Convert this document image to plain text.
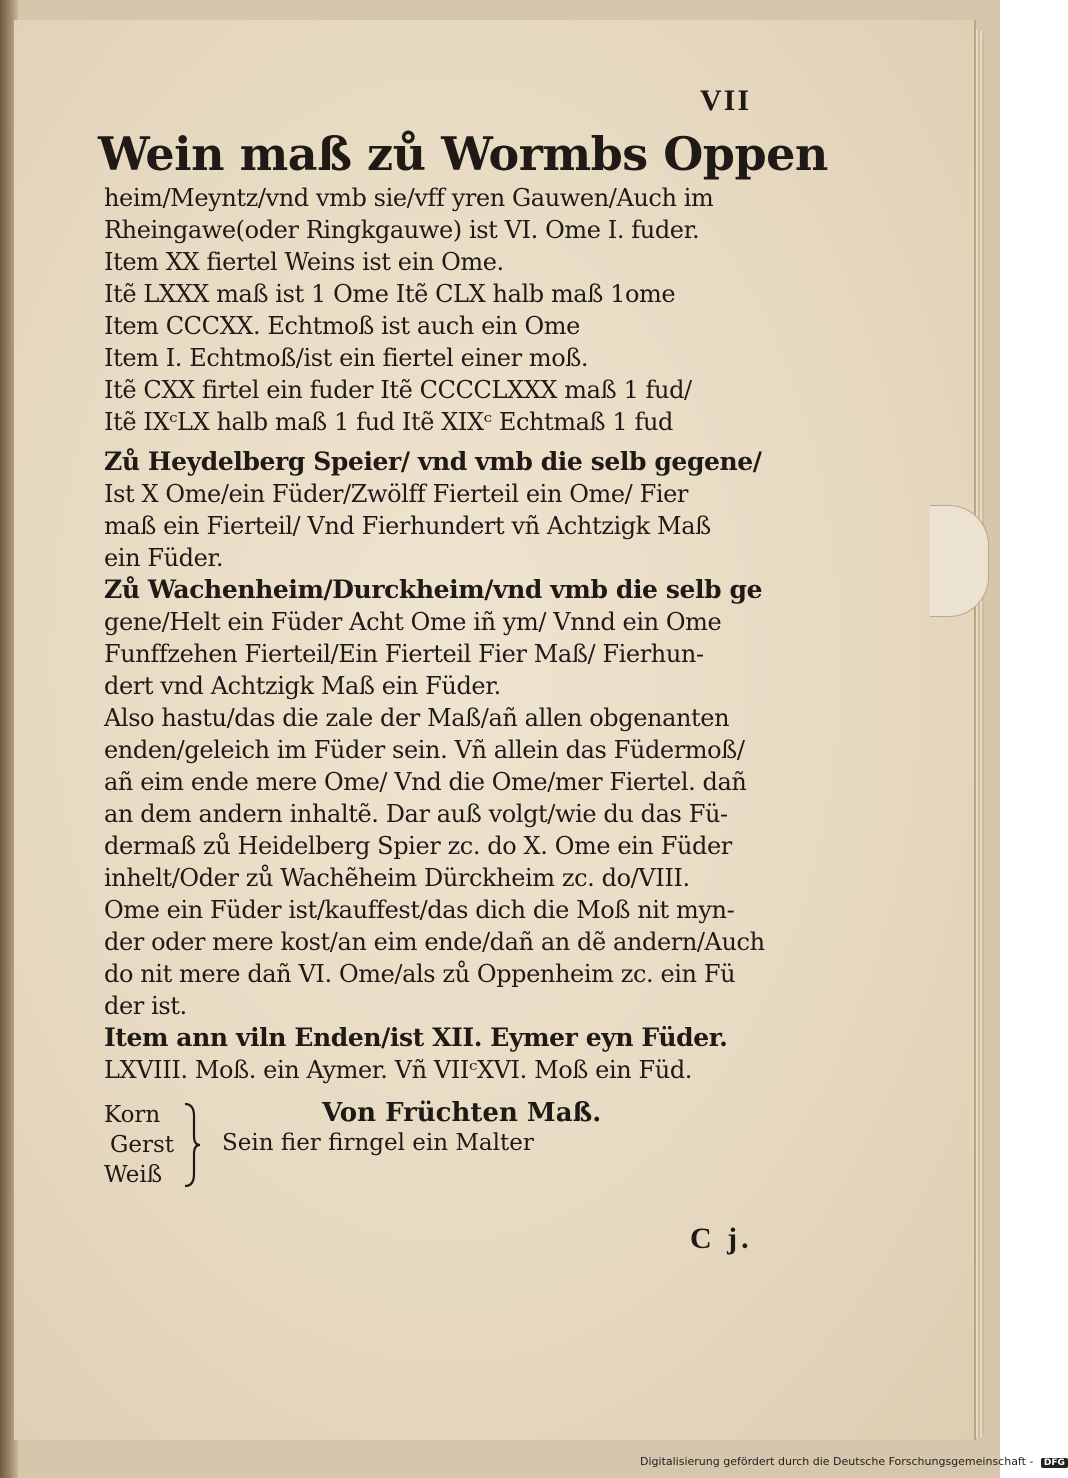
VII
Wein maß zů Wormbs Oppen
heim/Meyntz/vnd vmb sie/vff yren Gauwen/Auch im
Rheingawe(oder Ringkgauwe) ist VI. Ome I. fuder.
Item XX fiertel Weins ist ein Ome.
Itẽ LXXX maß ist 1 Ome Itẽ CLX halb maß 1ome
Item CCCXX. Echtmoß ist auch ein Ome
Item I. Echtmoß/ist ein fiertel einer moß.
Itẽ CXX firtel ein fuder Itẽ CCCCLXXX maß 1 fud/
Itẽ IXᶜLX halb maß 1 fud Itẽ XIXᶜ Echtmaß 1 fud
Zů Heydelberg Speier/ vnd vmb die selb gegene/
Ist X Ome/ein Füder/Zwölff Fierteil ein Ome/ Fier
maß ein Fierteil/ Vnd Fierhundert vñ Achtzigk Maß
ein Füder.
Zů Wachenheim/Durckheim/vnd vmb die selb ge
gene/Helt ein Füder Acht Ome iñ ym/ Vnnd ein Ome
Funffzehen Fierteil/Ein Fierteil Fier Maß/ Fierhun-
dert vnd Achtzigk Maß ein Füder.
Also hastu/das die zale der Maß/añ allen obgenanten
enden/geleich im Füder sein. Vñ allein das Füdermoß/
añ eim ende mere Ome/ Vnd die Ome/mer Fiertel. dañ
an dem andern inhaltẽ. Dar auß volgt/wie du das Fü-
dermaß zů Heidelberg Spier zc. do X. Ome ein Füder
inhelt/Oder zů Wachẽheim Dürckheim zc. do/VIII.
Ome ein Füder ist/kauffest/das dich die Moß nit myn-
der oder mere kost/an eim ende/dañ an dẽ andern/Auch
do nit mere dañ VI. Ome/als zů Oppenheim zc. ein Fü
der ist.
Item ann viln Enden/ist XII. Eymer eyn Füder.
LXVIII. Moß. ein Aymer. Vñ VIIᶜXVI. Moß ein Füd.
Korn
Gerst
Weiß
Von Früchten Maß.
Sein fier firngel ein Malter
C j.
Digitalisierung gefördert durch die Deutsche Forschungsgemeinschaft - DFG
